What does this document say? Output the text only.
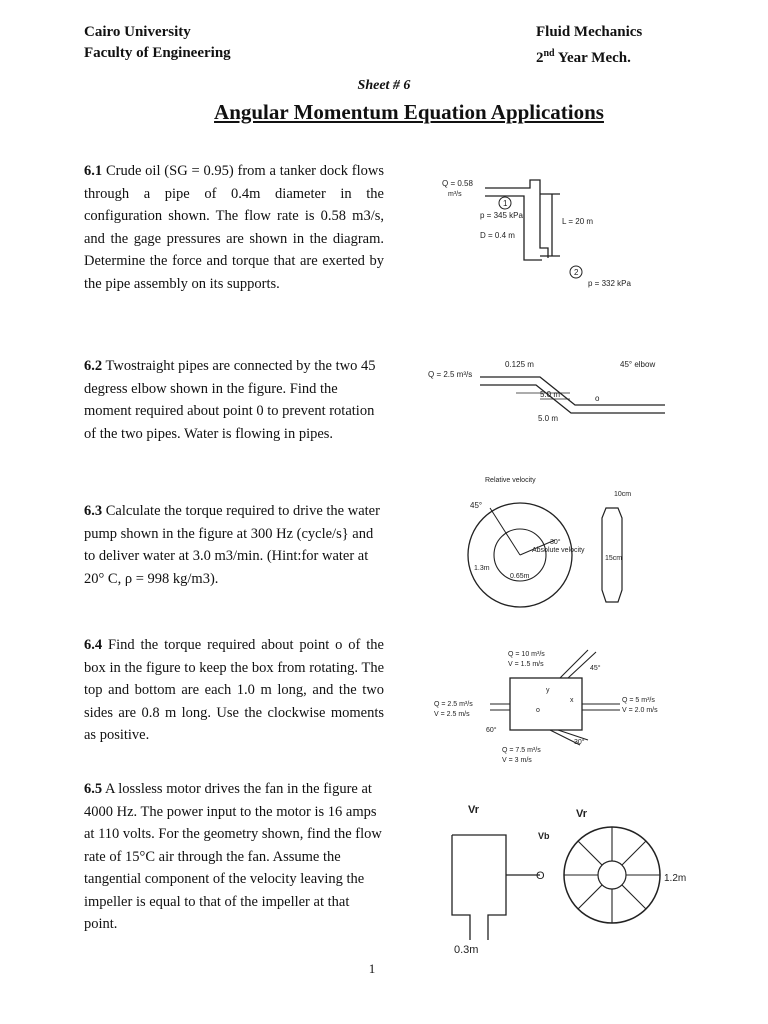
Cairo University
Faculty of Engineering
Fluid Mechanics
2nd Year Mech.
Sheet # 6
Angular Momentum Equation Applications
6.1 Crude oil (SG = 0.95) from a tanker dock flows through a pipe of 0.4m diameter in the configuration shown. The flow rate is 0.58 m3/s, and the gage pressures are shown in the diagram. Determine the force and torque that are exerted by the pipe assembly on its supports.
6.2 Twostraight pipes are connected by the two 45 degress elbow shown in the figure. Find the moment required about point 0 to prevent rotation of the two pipes. Water is flowing in pipes.
6.3 Calculate the torque required to drive the water pump shown in the figure at 300 Hz (cycle/s} and to deliver water at 3.0 m3/min. (Hint:for water at 20° C, ρ = 998 kg/m3).
6.4 Find the torque required about point o of the box in the figure to keep the box from rotating. The top and bottom are each 1.0 m long, and the two sides are 0.8 m long. Use the clockwise moments as positive.
6.5 A lossless motor drives the fan in the figure at 4000 Hz. The power input to the motor is 16 amps at 110 volts. For the geometry shown, find the flow rate of 15°C air through the fan. Assume the tangential component of the velocity leaving the impeller is equal to that of the impeller at that point.
1
2
Q = 0.58
m³/s
p = 345 kPa
D = 0.4 m
L = 20 m
p = 332 kPa
Q = 2.5 m³/s
0.125 m	45° elbow
5.0 m
5.0 m
o
Relative velocity
45°
Absolute velocity
30°
1.3m
0.65m
10cm
15cm
Q = 10 m³/s
V = 1.5 m/s
45°
Q = 2.5 m³/s
V = 2.5 m/s
Q = 5 m³/s
V = 2.0 m/s
Q = 7.5 m³/s
V = 3 m/s
60°
30°
o
y
x
Vr	Vr
Vb
O
0.3m
1.2m
1
